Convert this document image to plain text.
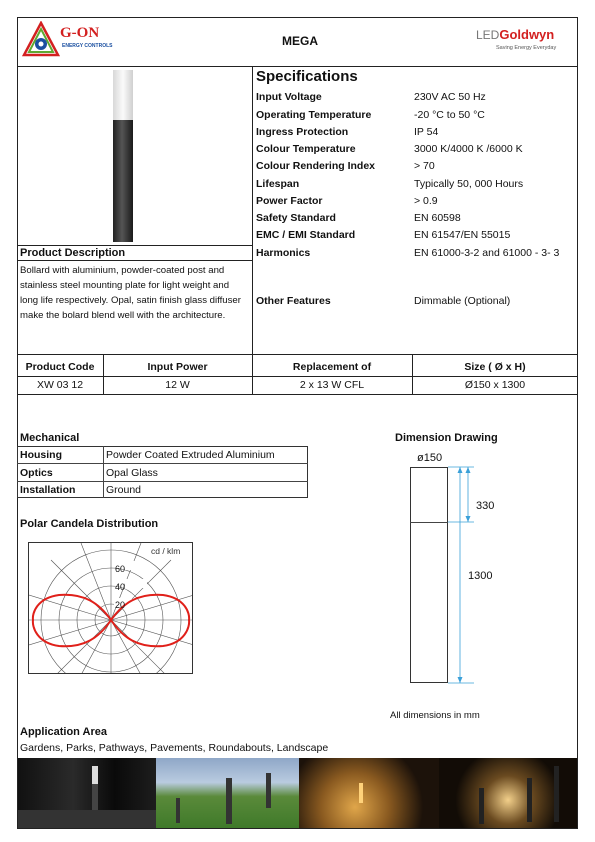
G-ON
ENERGY CONTROLS	MEGA	LEDGoldwyn
Saving Energy Everyday
Product Description
Bollard with aluminium, powder-coated post and
stainless steel mounting plate for light weight and
long life respectively. Opal, satin finish glass diffuser
make the bolard blend well with the architecture.
Specifications
Input Voltage	230V AC 50 Hz
Operating Temperature	-20 °C to 50 °C
Ingress Protection	IP 54
Colour Temperature	3000 K/4000 K /6000 K
Colour Rendering Index	> 70
Lifespan	Typically 50, 000 Hours
Power Factor	> 0.9
Safety Standard	EN 60598
EMC / EMI Standard	EN 61547/EN 55015
Harmonics	EN 61000-3-2 and 61000 - 3- 3
Other Features	Dimmable (Optional)
Product Code	Input Power	Replacement of	Size ( Ø x H)
XW 03 12	12 W	2 x 13 W CFL	Ø150 x 1300
Mechanical
Housing	Powder Coated Extruded Aluminium
Optics	Opal Glass
Installation	Ground
Polar Candela Distribution
cd / klm
60
40
20
Dimension Drawing
ø150
330
1300
All dimensions in mm
Application Area
Gardens, Parks, Pathways, Pavements, Roundabouts, Landscape
